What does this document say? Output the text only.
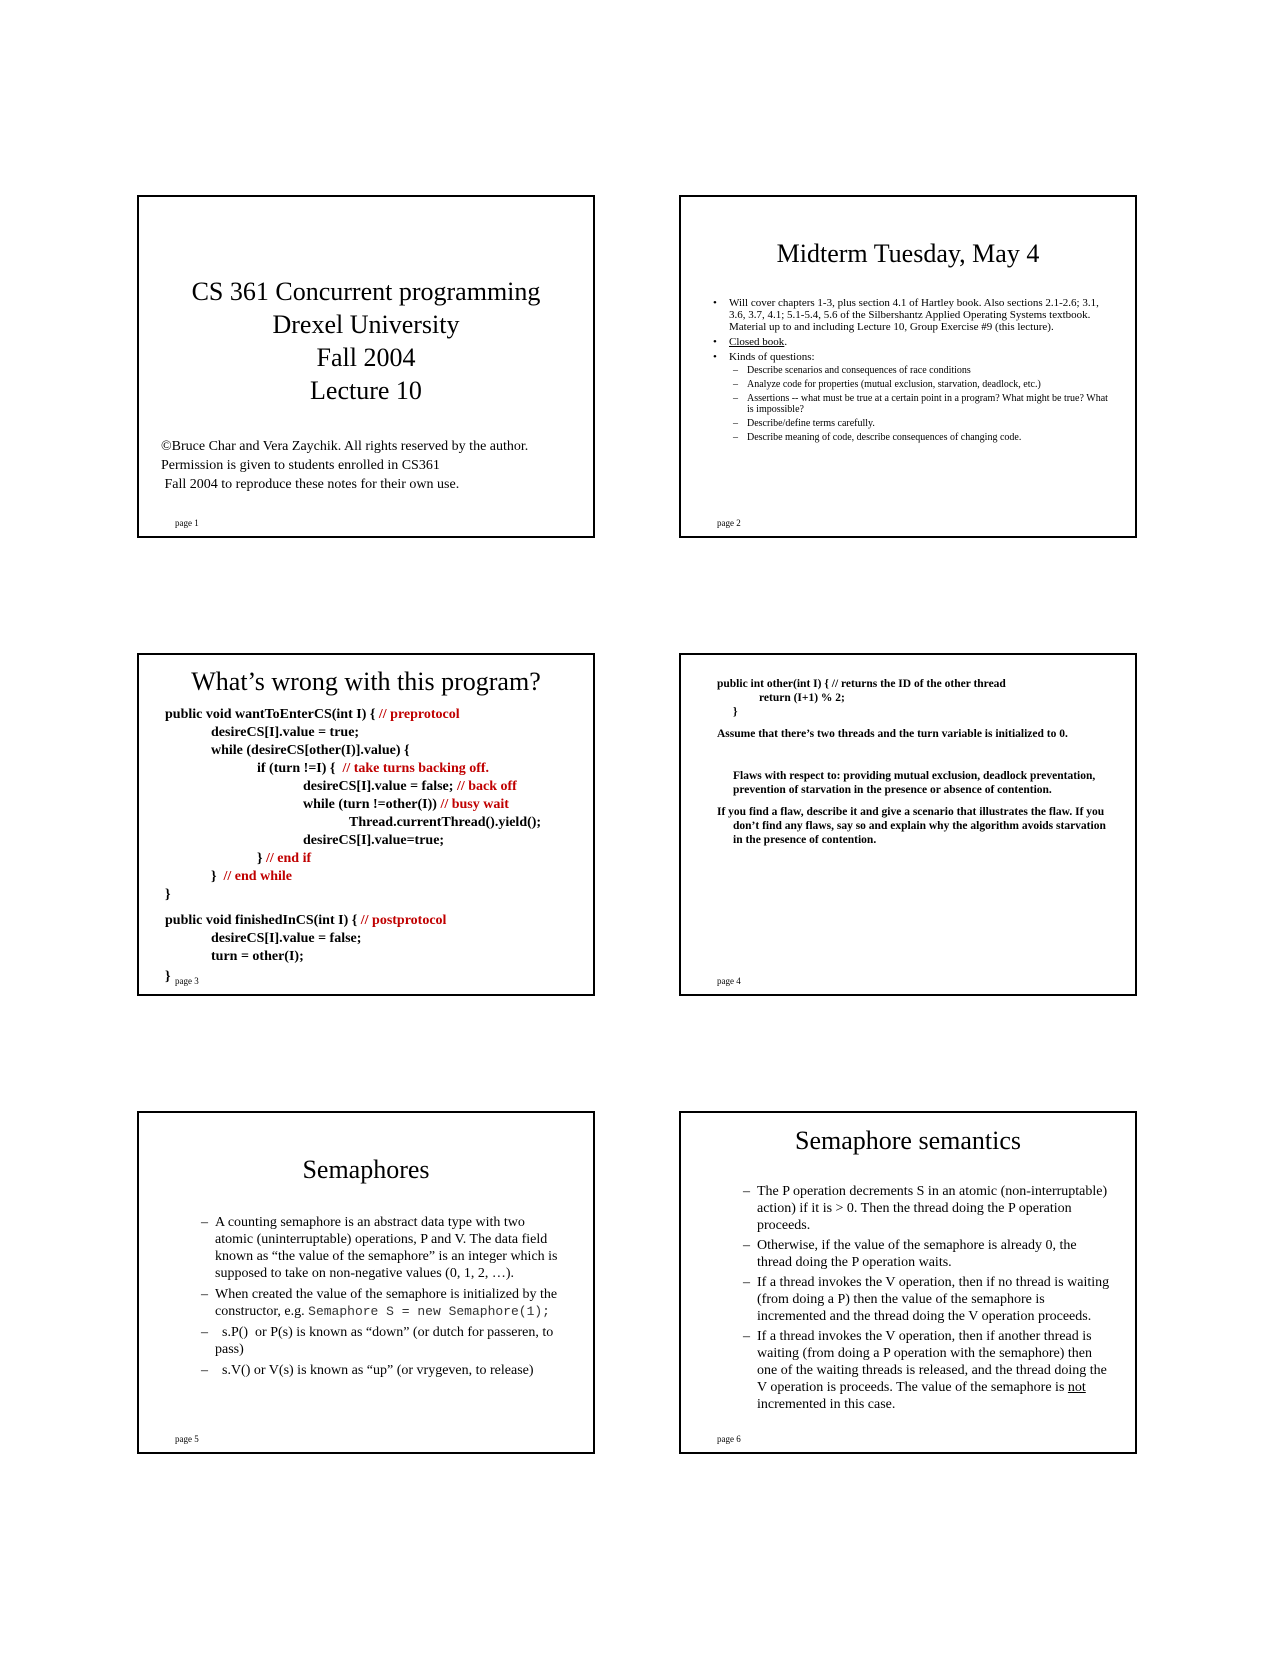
CS 361 Concurrent programming
Drexel University
Fall 2004
Lecture 10
©Bruce Char and Vera Zaychik. All rights reserved by the author.
Permission is given to students enrolled in CS361
Fall 2004 to reproduce these notes for their own use.
page 1
Midterm Tuesday, May 4
• Will cover chapters 1-3, plus section 4.1 of Hartley book. Also sections 2.1-2.6; 3.1, 3.6, 3.7, 4.1; 5.1-5.4, 5.6 of the Silbershantz Applied Operating Systems textbook. Material up to and including Lecture 10, Group Exercise #9 (this lecture).
• Closed book.
• Kinds of questions:
– Describe scenarios and consequences of race conditions
– Analyze code for properties (mutual exclusion, starvation, deadlock, etc.)
– Assertions -- what must be true at a certain point in a program? What might be true? What is impossible?
– Describe/define terms carefully.
– Describe meaning of code, describe consequences of changing code.
page 2
What’s wrong with this program?
public void wantToEnterCS(int I) { // preprotocol
desireCS[I].value = true;
while (desireCS[other(I)].value) {
if (turn !=I) {  // take turns backing off.
desireCS[I].value = false; // back off
while (turn !=other(I)) // busy wait
Thread.currentThread().yield();
desireCS[I].value=true;
} // end if
}  // end while
}
public void finishedInCS(int I) { // postprotocol
desireCS[I].value = false;
turn = other(I);
} page 3
public int other(int I) { // returns the ID of the other thread
return (I+1) % 2;
}

Assume that there’s two threads and the turn variable is initialized to 0.

Flaws with respect to: providing mutual exclusion, deadlock preventation, prevention of starvation in the presence or absence of contention.

If you find a flaw, describe it and give a scenario that illustrates the flaw. If you don’t find any flaws, say so and explain why the algorithm avoids starvation in the presence of contention.

page 4
Semaphores
– A counting semaphore is an abstract data type with two atomic (uninterruptable) operations, P and V. The data field known as “the value of the semaphore” is an integer which is supposed to take on non-negative values (0, 1, 2, …).
– When created the value of the semaphore is initialized by the constructor, e.g. Semaphore S = new Semaphore(1);
–   s.P()  or P(s) is known as “down” (or dutch for passeren, to pass)
–   s.V() or V(s) is known as “up” (or vrygeven, to release)
page 5
Semaphore semantics
– The P operation decrements S in an atomic (non-interruptable) action) if it is > 0. Then the thread doing the P operation proceeds.
– Otherwise, if the value of the semaphore is already 0, the thread doing the P operation waits.
– If a thread invokes the V operation, then if no thread is waiting (from doing a P) then the value of the semaphore is incremented and the thread doing the V operation proceeds.
– If a thread invokes the V operation, then if another thread is waiting (from doing a P operation with the semaphore) then one of the waiting threads is released, and the thread doing the V operation is proceeds. The value of the semaphore is not incremented in this case.
page 6
